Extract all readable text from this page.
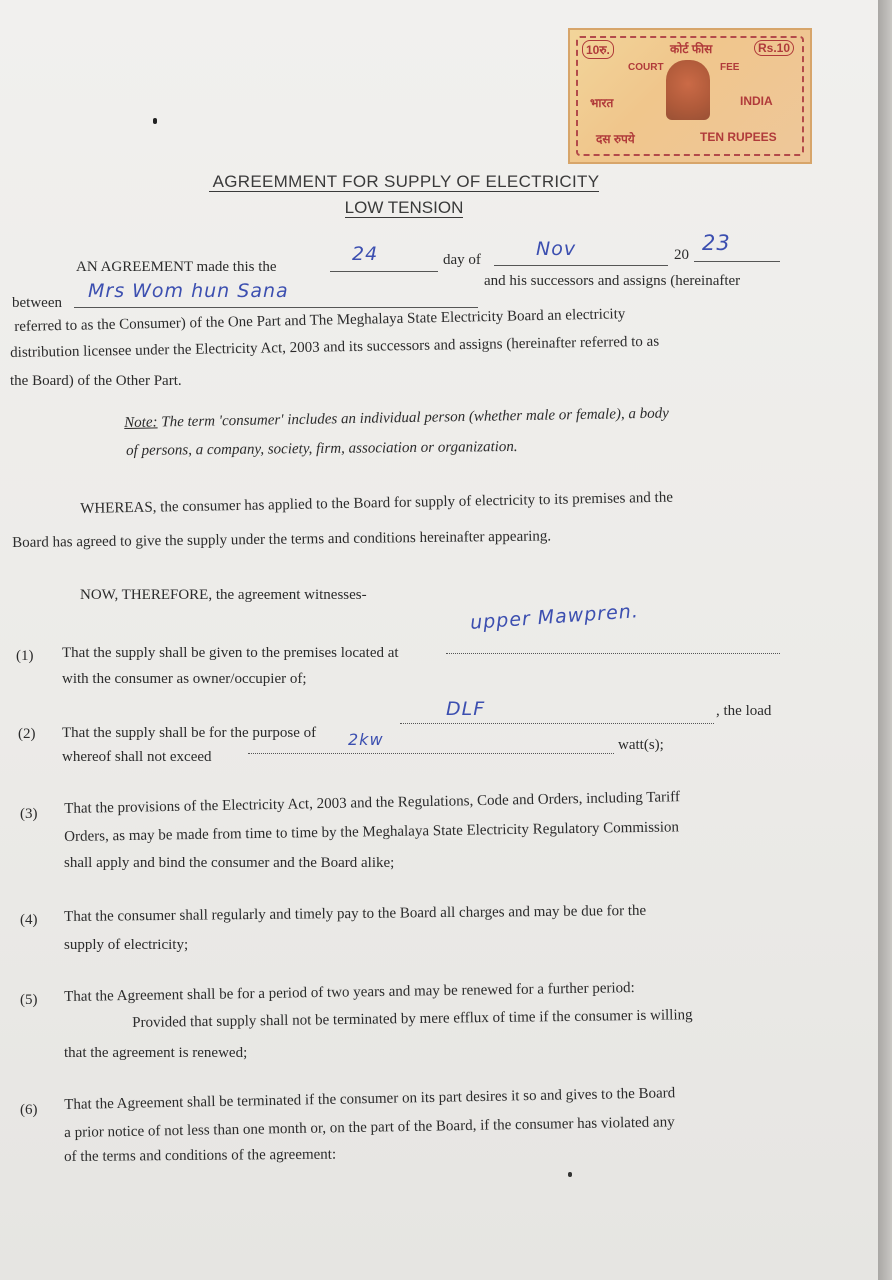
10रु.	कोर्ट फीस	Rs.10
COURT	FEE
भारत	INDIA
दस रुपये	TEN RUPEES
AGREEMMENT FOR SUPPLY OF ELECTRICITY
LOW TENSION
AN AGREEMENT made this the
24	day of	Nov	20 23
between
Mrs Wom hun Sana	and his successors and assigns (hereinafter
referred to as the Consumer) of the One Part and The Meghalaya State Electricity Board an electricity
distribution licensee under the Electricity Act, 2003 and its successors and assigns (hereinafter referred to as
the Board) of the Other Part.
Note: The term 'consumer' includes an individual person (whether male or female), a body
of persons, a company, society, firm, association or organization.
WHEREAS, the consumer has applied to the Board for supply of electricity to its premises and the
Board has agreed to give the supply under the terms and conditions hereinafter appearing.
NOW, THEREFORE, the agreement witnesses-
(1) That the supply shall be given to the premises located at
upper Mawpren.
with the consumer as owner/occupier of;
(2) That the supply shall be for the purpose of
DLF	, the load
whereof shall not exceed
2kw	watt(s);
(3) That the provisions of the Electricity Act, 2003 and the Regulations, Code and Orders, including Tariff
Orders, as may be made from time to time by the Meghalaya State Electricity Regulatory Commission
shall apply and bind the consumer and the Board alike;
(4) That the consumer shall regularly and timely pay to the Board all charges and may be due for the
supply of electricity;
(5) That the Agreement shall be for a period of two years and may be renewed for a further period:
Provided that supply shall not be terminated by mere efflux of time if the consumer is willing
that the agreement is renewed;
(6) That the Agreement shall be terminated if the consumer on its part desires it so and gives to the Board
a prior notice of not less than one month or, on the part of the Board, if the consumer has violated any
of the terms and conditions of the agreement:
